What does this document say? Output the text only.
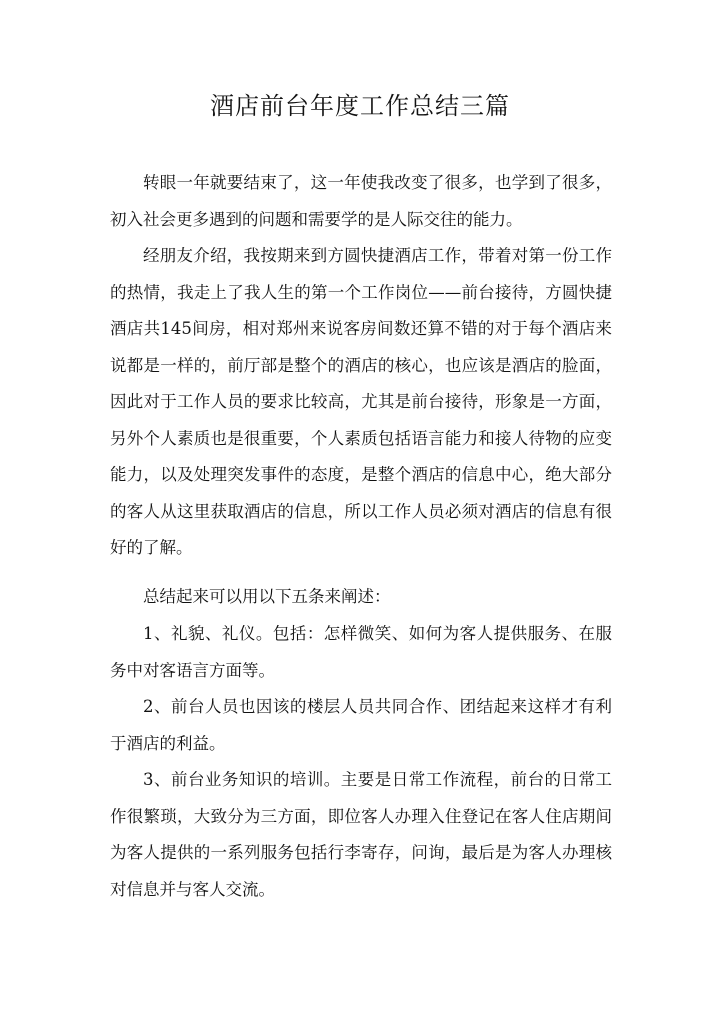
酒店前台年度工作总结三篇

转眼一年就要结束了，这一年使我改变了很多，也学到了很多，初入社会更多遇到的问题和需要学的是人际交往的能力。

经朋友介绍，我按期来到方圆快捷酒店工作，带着对第一份工作的热情，我走上了我人生的第一个工作岗位——前台接待，方圆快捷酒店共145间房，相对郑州来说客房间数还算不错的对于每个酒店来说都是一样的，前厅部是整个的酒店的核心，也应该是酒店的脸面，因此对于工作人员的要求比较高，尤其是前台接待，形象是一方面，另外个人素质也是很重要，个人素质包括语言能力和接人待物的应变能力，以及处理突发事件的态度，是整个酒店的信息中心，绝大部分的客人从这里获取酒店的信息，所以工作人员必须对酒店的信息有很好的了解。

总结起来可以用以下五条来阐述：

1、礼貌、礼仪。包括：怎样微笑、如何为客人提供服务、在服务中对客语言方面等。

2、前台人员也因该的楼层人员共同合作、团结起来这样才有利于酒店的利益。

3、前台业务知识的培训。主要是日常工作流程，前台的日常工作很繁琐，大致分为三方面，即位客人办理入住登记在客人住店期间为客人提供的一系列服务包括行李寄存，问询，最后是为客人办理核对信息并与客人交流。
